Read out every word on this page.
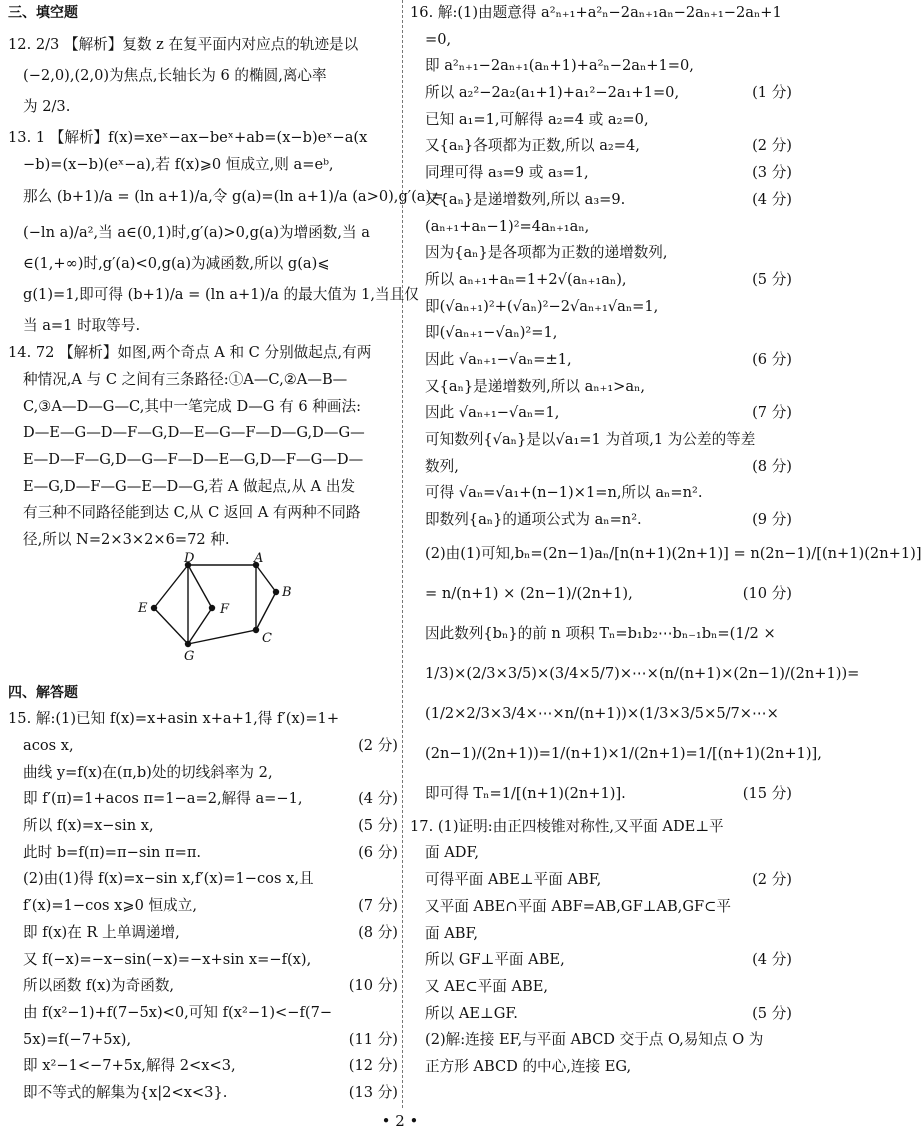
三、填空题
12. 2/3 【解析】复数 z 在复平面内对应点的轨迹是以
(−2,0),(2,0)为焦点,长轴长为 6 的椭圆,离心率
为 2/3.
13. 1 【解析】f(x)=xeˣ−ax−beˣ+ab=(x−b)eˣ−a(x
−b)=(x−b)(eˣ−a),若 f(x)⩾0 恒成立,则 a=eᵇ,
那么 (b+1)/a = (ln a+1)/a,令 g(a)=(ln a+1)/a (a>0),g′(a)=
(−ln a)/a²,当 a∈(0,1)时,g′(a)>0,g(a)为增函数,当 a
∈(1,+∞)时,g′(a)<0,g(a)为减函数,所以 g(a)⩽
g(1)=1,即可得 (b+1)/a = (ln a+1)/a 的最大值为 1,当且仅
当 a=1 时取等号.
14. 72 【解析】如图,两个奇点 A 和 C 分别做起点,有两
种情况,A 与 C 之间有三条路径:①A—C,②A—B—
C,③A—D—G—C,其中一笔完成 D—G 有 6 种画法:
D—E—G—D—F—G,D—E—G—F—D—G,D—G—
E—D—F—G,D—G—F—D—E—G,D—F—G—D—
E—G,D—F—G—E—D—G,若 A 做起点,从 A 出发
有三种不同路径能到达 C,从 C 返回 A 有两种不同路
径,所以 N=2×3×2×6=72 种.
D	A
B
C
G
E	F
四、解答题
15. 解:(1)已知 f(x)=x+asin x+a+1,得 f′(x)=1+
acos x,	(2 分)
曲线 y=f(x)在(π,b)处的切线斜率为 2,
即 f′(π)=1+acos π=1−a=2,解得 a=−1,	(4 分)
所以 f(x)=x−sin x,	(5 分)
此时 b=f(π)=π−sin π=π.	(6 分)
(2)由(1)得 f(x)=x−sin x,f′(x)=1−cos x,且
f′(x)=1−cos x⩾0 恒成立,	(7 分)
即 f(x)在 R 上单调递增,	(8 分)
又 f(−x)=−x−sin(−x)=−x+sin x=−f(x),
所以函数 f(x)为奇函数,	(10 分)
由 f(x²−1)+f(7−5x)<0,可知 f(x²−1)<−f(7−
5x)=f(−7+5x),	(11 分)
即 x²−1<−7+5x,解得 2<x<3,	(12 分)
即不等式的解集为{x|2<x<3}.	(13 分)
16. 解:(1)由题意得 a²ₙ₊₁+a²ₙ−2aₙ₊₁aₙ−2aₙ₊₁−2aₙ+1
=0,
即 a²ₙ₊₁−2aₙ₊₁(aₙ+1)+a²ₙ−2aₙ+1=0,
所以 a₂²−2a₂(a₁+1)+a₁²−2a₁+1=0,	(1 分)
已知 a₁=1,可解得 a₂=4 或 a₂=0,
又{aₙ}各项都为正数,所以 a₂=4,	(2 分)
同理可得 a₃=9 或 a₃=1,	(3 分)
又{aₙ}是递增数列,所以 a₃=9.	(4 分)
(aₙ₊₁+aₙ−1)²=4aₙ₊₁aₙ,
因为{aₙ}是各项都为正数的递增数列,
所以 aₙ₊₁+aₙ=1+2√(aₙ₊₁aₙ),	(5 分)
即(√aₙ₊₁)²+(√aₙ)²−2√aₙ₊₁√aₙ=1,
即(√aₙ₊₁−√aₙ)²=1,
因此 √aₙ₊₁−√aₙ=±1,	(6 分)
又{aₙ}是递增数列,所以 aₙ₊₁>aₙ,
因此 √aₙ₊₁−√aₙ=1,	(7 分)
可知数列{√aₙ}是以√a₁=1 为首项,1 为公差的等差
数列,	(8 分)
可得 √aₙ=√a₁+(n−1)×1=n,所以 aₙ=n².
即数列{aₙ}的通项公式为 aₙ=n².	(9 分)
(2)由(1)可知,bₙ=(2n−1)aₙ/[n(n+1)(2n+1)] = n(2n−1)/[(n+1)(2n+1)]
= n/(n+1) × (2n−1)/(2n+1),	(10 分)
因此数列{bₙ}的前 n 项积 Tₙ=b₁b₂⋯bₙ₋₁bₙ=(1/2 ×
1/3)×(2/3×3/5)×(3/4×5/7)×⋯×(n/(n+1)×(2n−1)/(2n+1))=
(1/2×2/3×3/4×⋯×n/(n+1))×(1/3×3/5×5/7×⋯×
(2n−1)/(2n+1))=1/(n+1)×1/(2n+1)=1/[(n+1)(2n+1)],
即可得 Tₙ=1/[(n+1)(2n+1)].	(15 分)
17. (1)证明:由正四棱锥对称性,又平面 ADE⊥平
面 ADF,
可得平面 ABE⊥平面 ABF,	(2 分)
又平面 ABE∩平面 ABF=AB,GF⊥AB,GF⊂平
面 ABF,
所以 GF⊥平面 ABE,	(4 分)
又 AE⊂平面 ABE,
所以 AE⊥GF.	(5 分)
(2)解:连接 EF,与平面 ABCD 交于点 O,易知点 O 为
正方形 ABCD 的中心,连接 EG,
• 2 •
